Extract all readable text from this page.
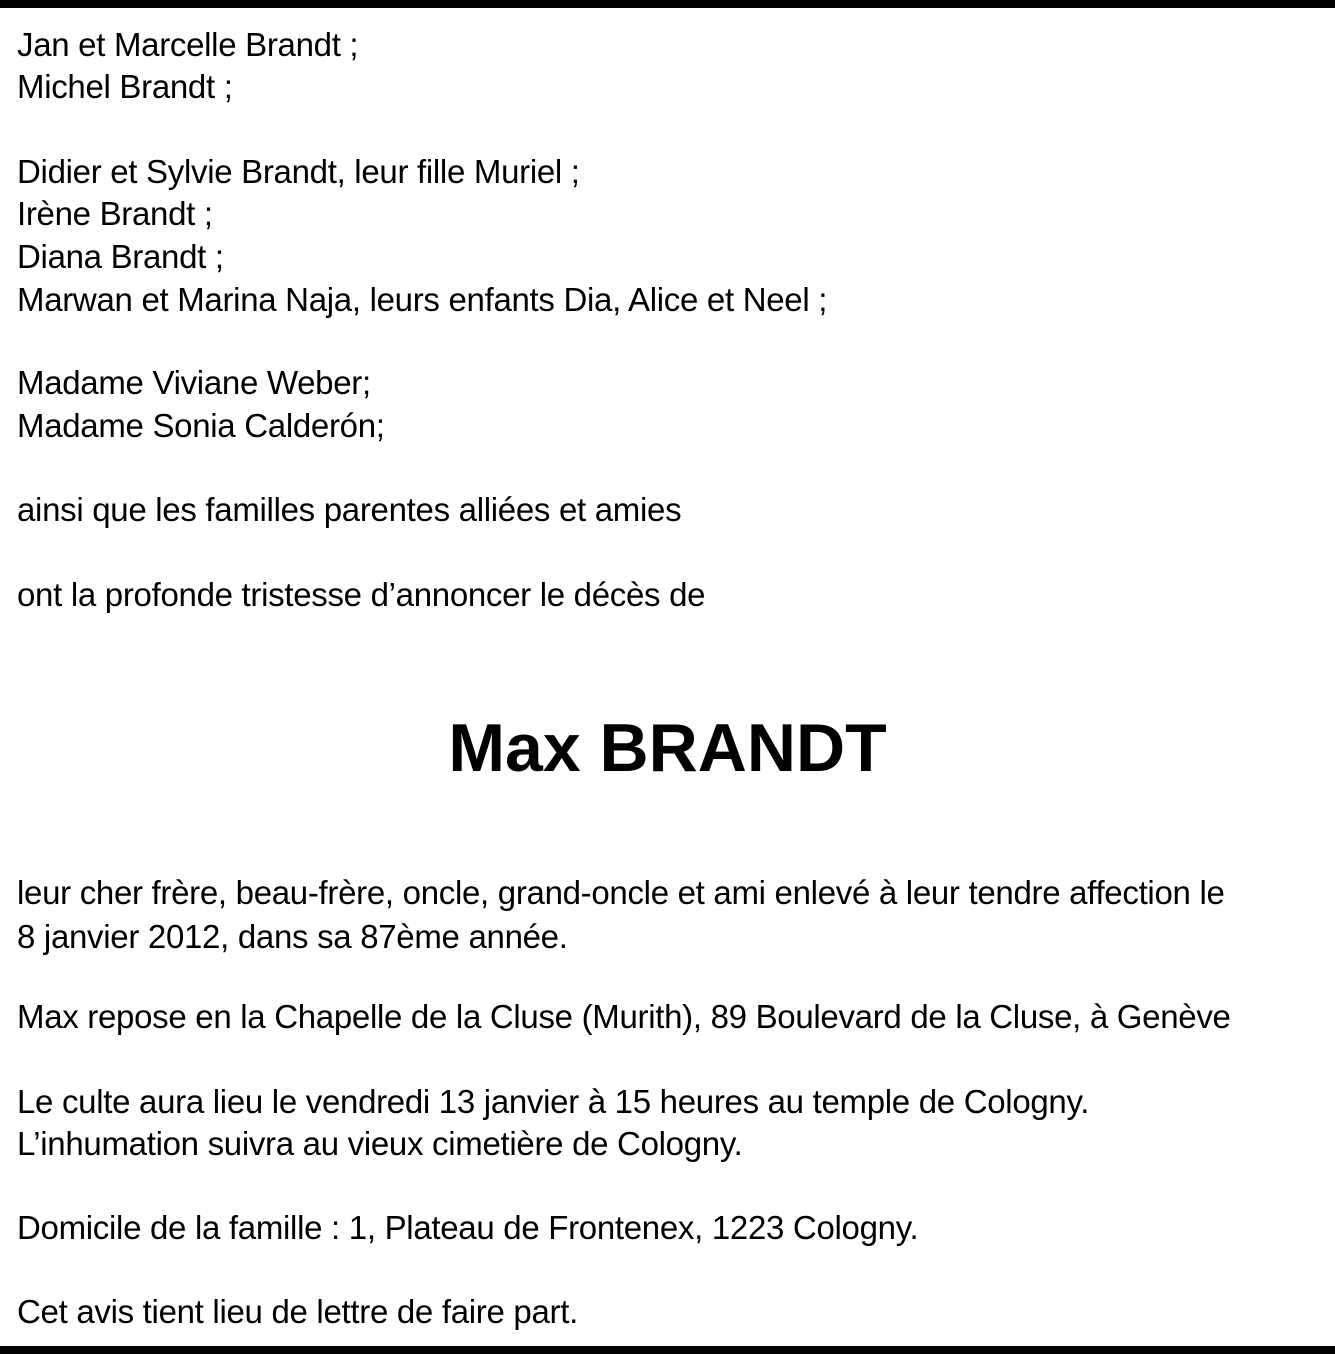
Jan et Marcelle Brandt ;
Michel Brandt ;
Didier et Sylvie Brandt, leur fille Muriel ;
Irène Brandt ;
Diana Brandt ;
Marwan et Marina Naja, leurs enfants Dia, Alice et Neel ;
Madame Viviane Weber;
Madame Sonia Calderón;
ainsi que les familles parentes alliées et amies
ont la profonde tristesse d’annoncer le décès de
Max BRANDT
leur cher frère, beau-frère, oncle, grand-oncle et ami enlevé à leur tendre affection le
8 janvier 2012, dans sa 87ème année.
Max repose en la Chapelle de la Cluse (Murith), 89 Boulevard de la Cluse, à Genève
Le culte aura lieu le vendredi 13 janvier à 15 heures au temple de Cologny.
L’inhumation suivra au vieux cimetière de Cologny.
Domicile de la famille : 1, Plateau de Frontenex, 1223 Cologny.
Cet avis tient lieu de lettre de faire part.
